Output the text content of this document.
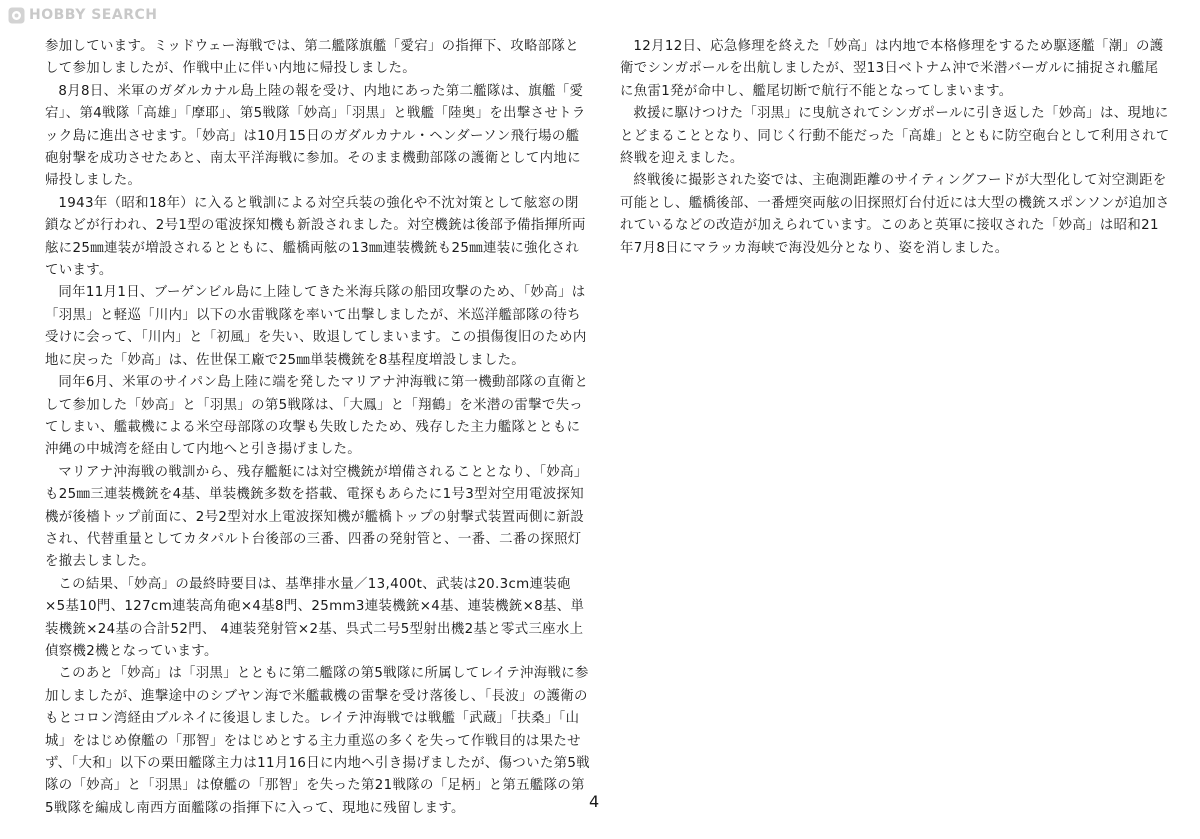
HOBBY SEARCH

参加しています。ミッドウェー海戦では、第二艦隊旗艦「愛宕」の指揮下、攻略部隊として参加しましたが、作戦中止に伴い内地に帰投しました。

8月8日、米軍のガダルカナル島上陸の報を受け、内地にあった第二艦隊は、旗艦「愛宕」、第4戦隊「高雄」「摩耶」、第5戦隊「妙高」「羽黒」と戦艦「陸奥」を出撃させトラック島に進出させます。「妙高」は10月15日のガダルカナル・ヘンダーソン飛行場の艦砲射撃を成功させたあと、南太平洋海戦に参加。そのまま機動部隊の護衛として内地に帰投しました。

1943年（昭和18年）に入ると戦訓による対空兵装の強化や不沈対策として舷窓の閉鎖などが行われ、2号1型の電波探知機も新設されました。対空機銃は後部予備指揮所両舷に25㎜連装が増設されるとともに、艦橋両舷の13㎜連装機銃も25㎜連装に強化されています。

同年11月1日、ブーゲンビル島に上陸してきた米海兵隊の船団攻撃のため、「妙高」は「羽黒」と軽巡「川内」以下の水雷戦隊を率いて出撃しましたが、米巡洋艦部隊の待ち受けに会って、「川内」と「初風」を失い、敗退してしまいます。この損傷復旧のため内地に戻った「妙高」は、佐世保工廠で25㎜単装機銃を8基程度増設しました。

同年6月、米軍のサイパン島上陸に端を発したマリアナ沖海戦に第一機動部隊の直衛として参加した「妙高」と「羽黒」の第5戦隊は、「大鳳」と「翔鶴」を米潜の雷撃で失ってしまい、艦載機による米空母部隊の攻撃も失敗したため、残存した主力艦隊とともに沖縄の中城湾を経由して内地へと引き揚げました。

マリアナ沖海戦の戦訓から、残存艦艇には対空機銃が増備されることとなり、「妙高」も25㎜三連装機銃を4基、単装機銃多数を搭載、電探もあらたに1号3型対空用電波探知機が後檣トップ前面に、2号2型対水上電波探知機が艦橋トップの射撃式装置両側に新設され、代替重量としてカタパルト台後部の三番、四番の発射管と、一番、二番の探照灯を撤去しました。

この結果、「妙高」の最終時要目は、基準排水量／13,400t、武装は20.3cm連装砲×5基10門、127cm連装高角砲×4基8門、25mm3連装機銃×4基、連装機銃×8基、単装機銃×24基の合計52門、 4連装発射管×2基、呉式二号5型射出機2基と零式三座水上偵察機2機となっています。

このあと「妙高」は「羽黒」とともに第二艦隊の第5戦隊に所属してレイテ沖海戦に参加しましたが、進撃途中のシブヤン海で米艦載機の雷撃を受け落後し、「長波」の護衛のもとコロン湾経由ブルネイに後退しました。レイテ沖海戦では戦艦「武蔵」「扶桑」「山城」をはじめ僚艦の「那智」をはじめとする主力重巡の多くを失って作戦目的は果たせず、「大和」以下の栗田艦隊主力は11月16日に内地へ引き揚げましたが、傷ついた第5戦隊の「妙高」と「羽黒」は僚艦の「那智」を失った第21戦隊の「足柄」と第五艦隊の第5戦隊を編成し南西方面艦隊の指揮下に入って、現地に残留します。

12月12日、応急修理を終えた「妙高」は内地で本格修理をするため駆逐艦「潮」の護衛でシンガポールを出航しましたが、翌13日ベトナム沖で米潜バーガルに捕捉され艦尾に魚雷1発が命中し、艦尾切断で航行不能となってしまいます。

救援に駆けつけた「羽黒」に曳航されてシンガポールに引き返した「妙高」は、現地にとどまることとなり、同じく行動不能だった「高雄」とともに防空砲台として利用されて終戦を迎えました。

終戦後に撮影された姿では、主砲測距離のサイティングフードが大型化して対空測距を可能とし、艦橋後部、一番煙突両舷の旧探照灯台付近には大型の機銃スポンソンが追加されているなどの改造が加えられています。このあと英軍に接収された「妙高」は昭和21年7月8日にマラッカ海峡で海没処分となり、姿を消しました。

4
